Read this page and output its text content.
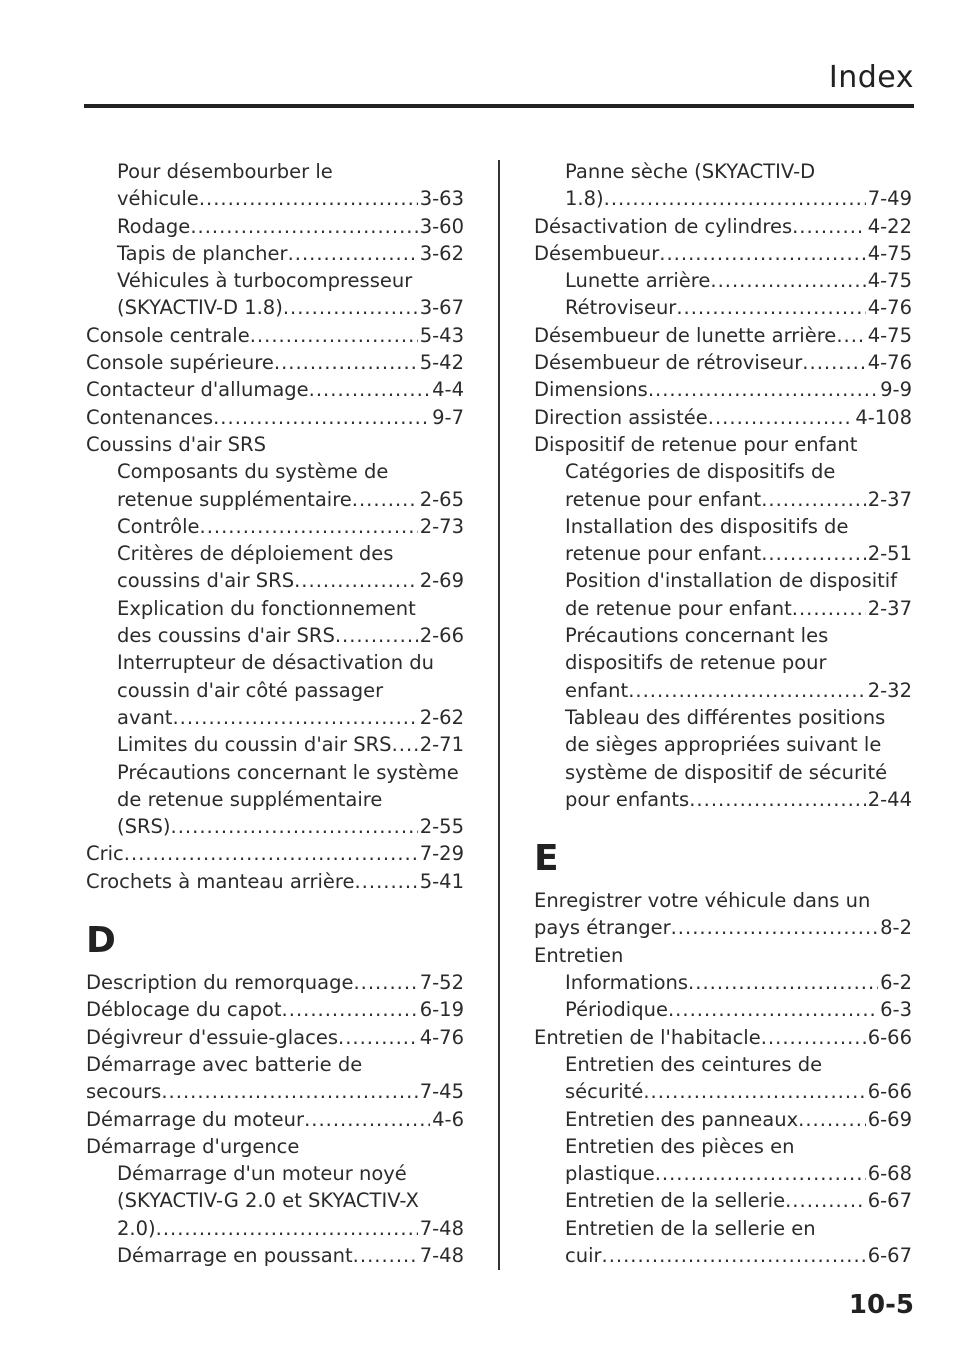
Index
Pour désembourber le
véhicule .....	3-63
Rodage .....	3-60
Tapis de plancher .....	3-62
Véhicules à turbocompresseur
(SKYACTIV-D 1.8) .....	3-67
Console centrale .....	5-43
Console supérieure .....	5-42
Contacteur d'allumage .....	4-4
Contenances .....	9-7
Coussins d'air SRS
Composants du système de
retenue supplémentaire .....	2-65
Contrôle .....	2-73
Critères de déploiement des
coussins d'air SRS .....	2-69
Explication du fonctionnement
des coussins d'air SRS .....	2-66
Interrupteur de désactivation du
coussin d'air côté passager
avant .....	2-62
Limites du coussin d'air SRS ..... 2-71
Précautions concernant le système
de retenue supplémentaire
(SRS) .....	2-55
Cric .....	7-29
Crochets à manteau arrière .....	5-41
D
Description du remorquage .....	7-52
Déblocage du capot .....	6-19
Dégivreur d'essuie-glaces .....	4-76
Démarrage avec batterie de
secours .....	7-45
Démarrage du moteur .....	4-6
Démarrage d'urgence
Démarrage d'un moteur noyé
(SKYACTIV-G 2.0 et SKYACTIV-X
2.0) .....	7-48
Démarrage en poussant .....	7-48
Panne sèche (SKYACTIV-D
1.8) .....	7-49
Désactivation de cylindres .....	4-22
Désembueur .....	4-75
Lunette arrière .....	4-75
Rétroviseur .....	4-76
Désembueur de lunette arrière ..... 4-75
Désembueur de rétroviseur .....	4-76
Dimensions .....	9-9
Direction assistée .....	4-108
Dispositif de retenue pour enfant
Catégories de dispositifs de
retenue pour enfant .....	2-37
Installation des dispositifs de
retenue pour enfant .....	2-51
Position d'installation de dispositif
de retenue pour enfant .....	2-37
Précautions concernant les
dispositifs de retenue pour
enfant .....	2-32
Tableau des différentes positions
de sièges appropriées suivant le
système de dispositif de sécurité
pour enfants .....	2-44
E
Enregistrer votre véhicule dans un
pays étranger .....	8-2
Entretien
Informations .....	6-2
Périodique .....	6-3
Entretien de l'habitacle .....	6-66
Entretien des ceintures de
sécurité .....	6-66
Entretien des panneaux .....	6-69
Entretien des pièces en
plastique .....	6-68
Entretien de la sellerie .....	6-67
Entretien de la sellerie en
cuir .....	6-67
10-5
